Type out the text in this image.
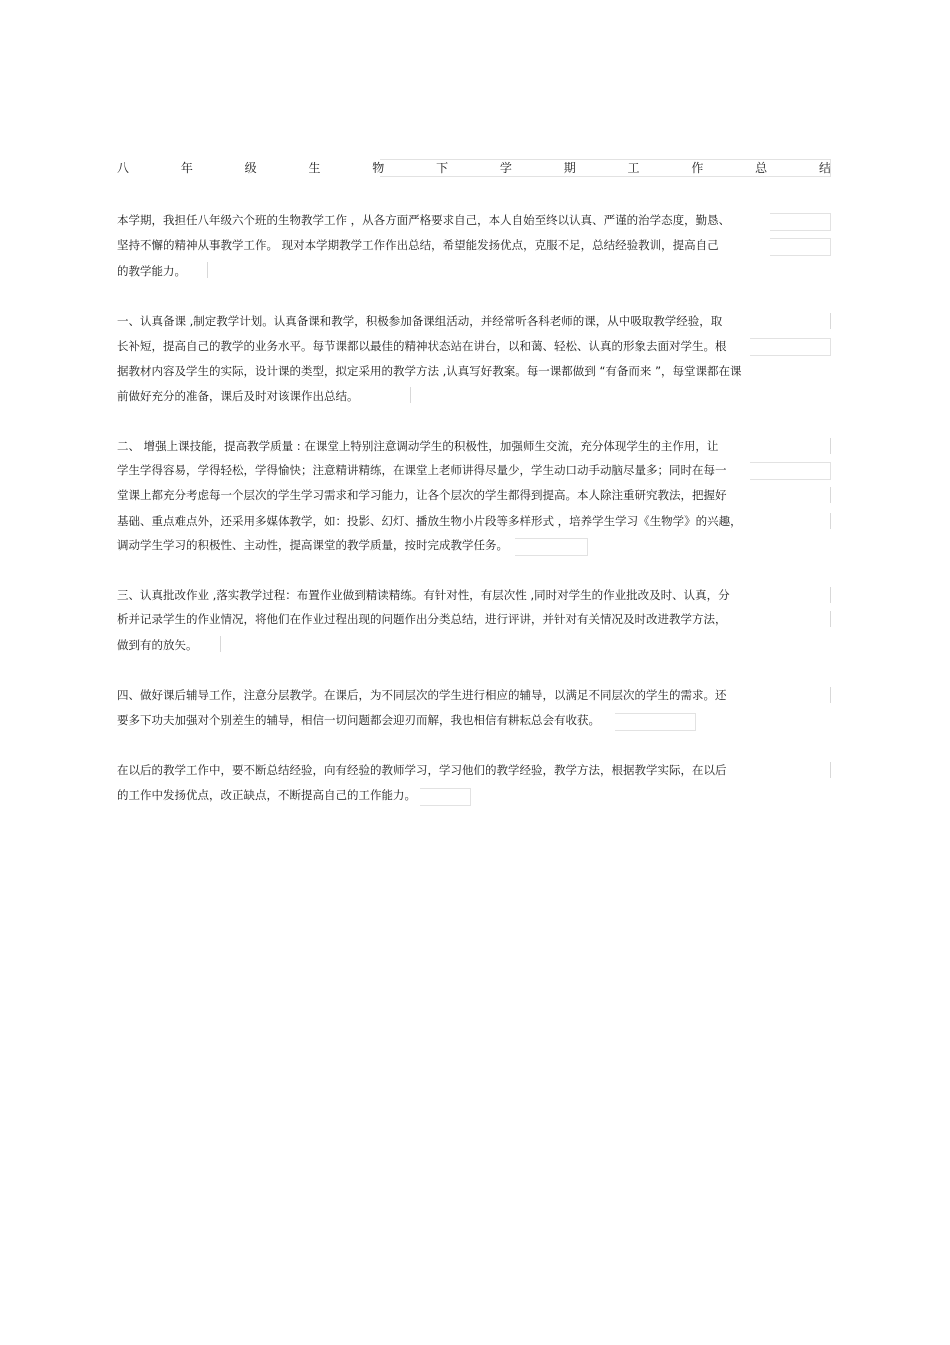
八	年	级	生	物	下	学	期	工	作	总	结
本学期，我担任八年级六个班的生物教学工作 ，从各方面严格要求自己，本人自始至终以认真、严谨的治学态度，勤恳、
坚持不懈的精神从事教学工作。 现对本学期教学工作作出总结，希望能发扬优点，克服不足，总结经验教训，提高自己
的教学能力。
一、认真备课 ,制定教学计划。认真备课和教学，积极参加备课组活动，并经常听各科老师的课，从中吸取教学经验，取
长补短，提高自己的教学的业务水平。每节课都以最佳的精神状态站在讲台，以和蔼、轻松、认真的形象去面对学生。根
据教材内容及学生的实际，设计课的类型，拟定采用的教学方法 ,认真写好教案。每一课都做到 “有备而来 ”，每堂课都在课
前做好充分的准备，课后及时对该课作出总结。
二、 增强上课技能，提高教学质量 : 在课堂上特别注意调动学生的积极性，加强师生交流，充分体现学生的主作用，让
学生学得容易，学得轻松，学得愉快；注意精讲精练，在课堂上老师讲得尽量少，学生动口动手动脑尽量多；同时在每一
堂课上都充分考虑每一个层次的学生学习需求和学习能力，让各个层次的学生都得到提高。本人除注重研究教法，把握好
基础、重点难点外，还采用多媒体教学，如：投影、幻灯、播放生物小片段等多样形式 ，培养学生学习《生物学》的兴趣，
调动学生学习的积极性、主动性，提高课堂的教学质量，按时完成教学任务。
三、认真批改作业 ,落实教学过程：布置作业做到精读精练。有针对性，有层次性 ,同时对学生的作业批改及时、认真，分
析并记录学生的作业情况，将他们在作业过程出现的问题作出分类总结，进行评讲，并针对有关情况及时改进教学方法，
做到有的放矢。
四、做好课后辅导工作，注意分层教学。在课后，为不同层次的学生进行相应的辅导，以满足不同层次的学生的需求。还
要多下功夫加强对个别差生的辅导，相信一切问题都会迎刃而解，我也相信有耕耘总会有收获。
在以后的教学工作中，要不断总结经验，向有经验的教师学习，学习他们的教学经验，教学方法，根据教学实际，在以后
的工作中发扬优点，改正缺点，不断提高自己的工作能力。
